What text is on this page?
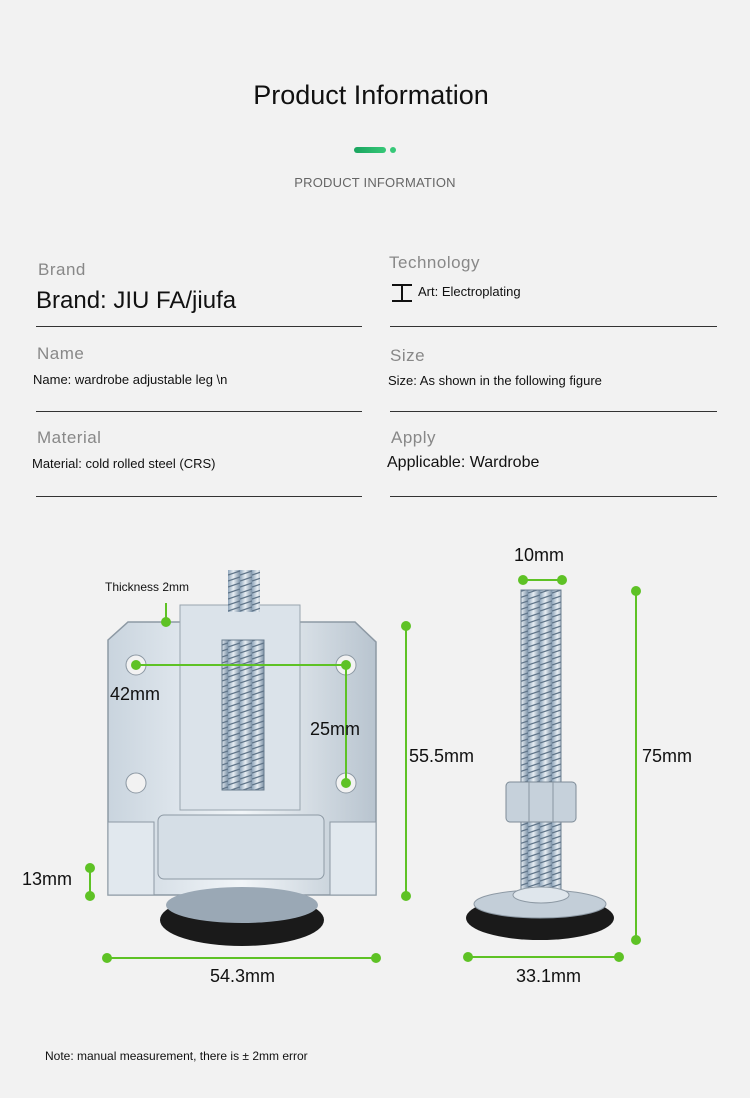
Product Information
PRODUCT INFORMATION
Brand
Brand: JIU FA/jiufa
Name
Name: wardrobe adjustable leg \n
Material
Material: cold rolled steel (CRS)
Technology
Art: Electroplating
Size
Size: As shown in the following figure
Apply
Applicable: Wardrobe
Thickness 2mm
42mm
25mm
55.5mm
13mm
54.3mm
10mm
75mm
33.1mm
Note: manual measurement, there is ± 2mm error
